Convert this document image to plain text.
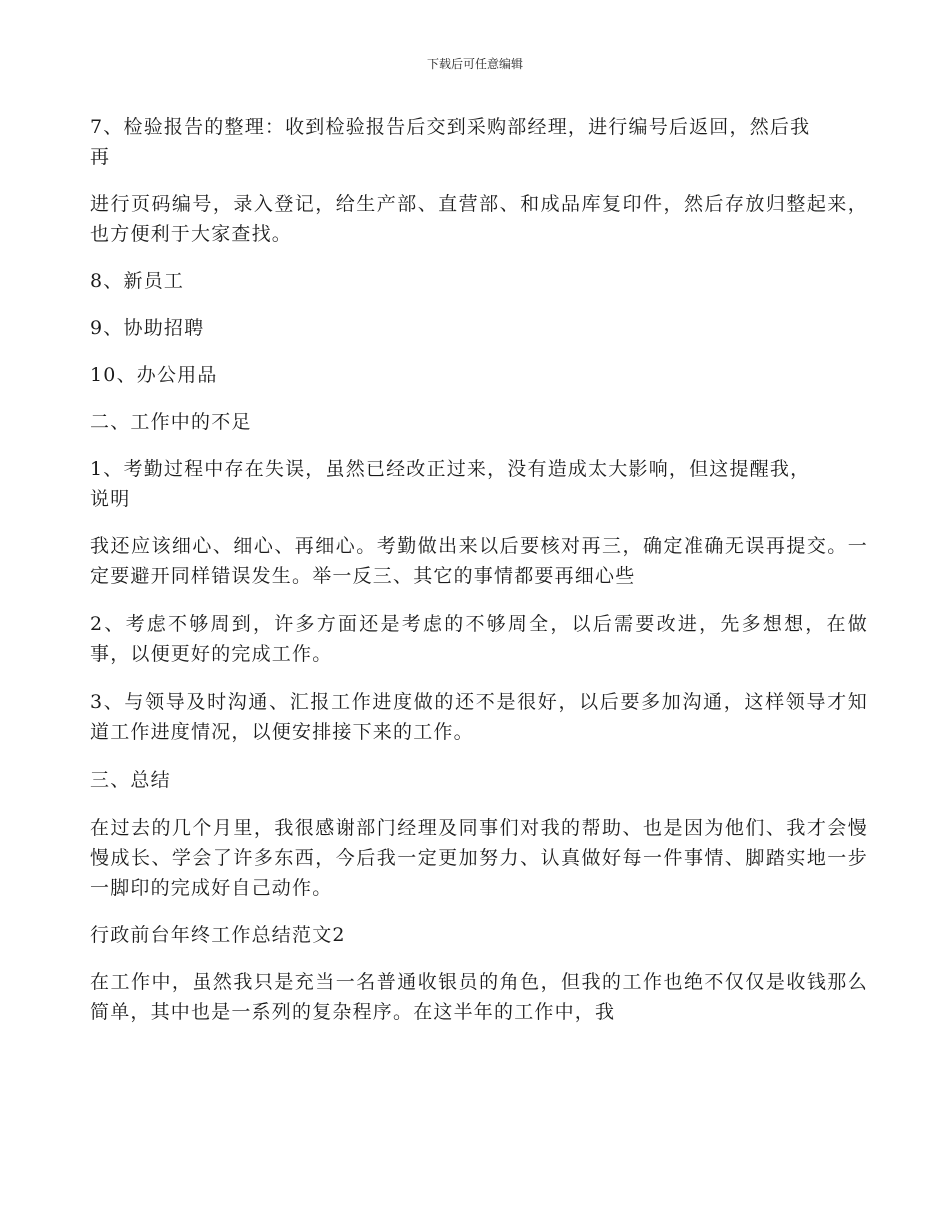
下载后可任意编辑

7、检验报告的整理：收到检验报告后交到采购部经理，进行编号后返回，然后我
再

进行页码编号，录入登记，给生产部、直营部、和成品库复印件，然后存放归整起来，也方便利于大家查找。

8、新员工

9、协助招聘

10、办公用品

二、工作中的不足

1、考勤过程中存在失误，虽然已经改正过来，没有造成太大影响，但这提醒我，
说明

我还应该细心、细心、再细心。考勤做出来以后要核对再三，确定准确无误再提交。一定要避开同样错误发生。举一反三、其它的事情都要再细心些

2、考虑不够周到，许多方面还是考虑的不够周全，以后需要改进，先多想想，在做事，以便更好的完成工作。

3、与领导及时沟通、汇报工作进度做的还不是很好，以后要多加沟通，这样领导才知道工作进度情况，以便安排接下来的工作。

三、总结

在过去的几个月里，我很感谢部门经理及同事们对我的帮助、也是因为他们、我才会慢慢成长、学会了许多东西，今后我一定更加努力、认真做好每一件事情、脚踏实地一步一脚印的完成好自己动作。

行政前台年终工作总结范文2

在工作中，虽然我只是充当一名普通收银员的角色，但我的工作也绝不仅仅是收钱那么简单，其中也是一系列的复杂程序。在这半年的工作中，我
